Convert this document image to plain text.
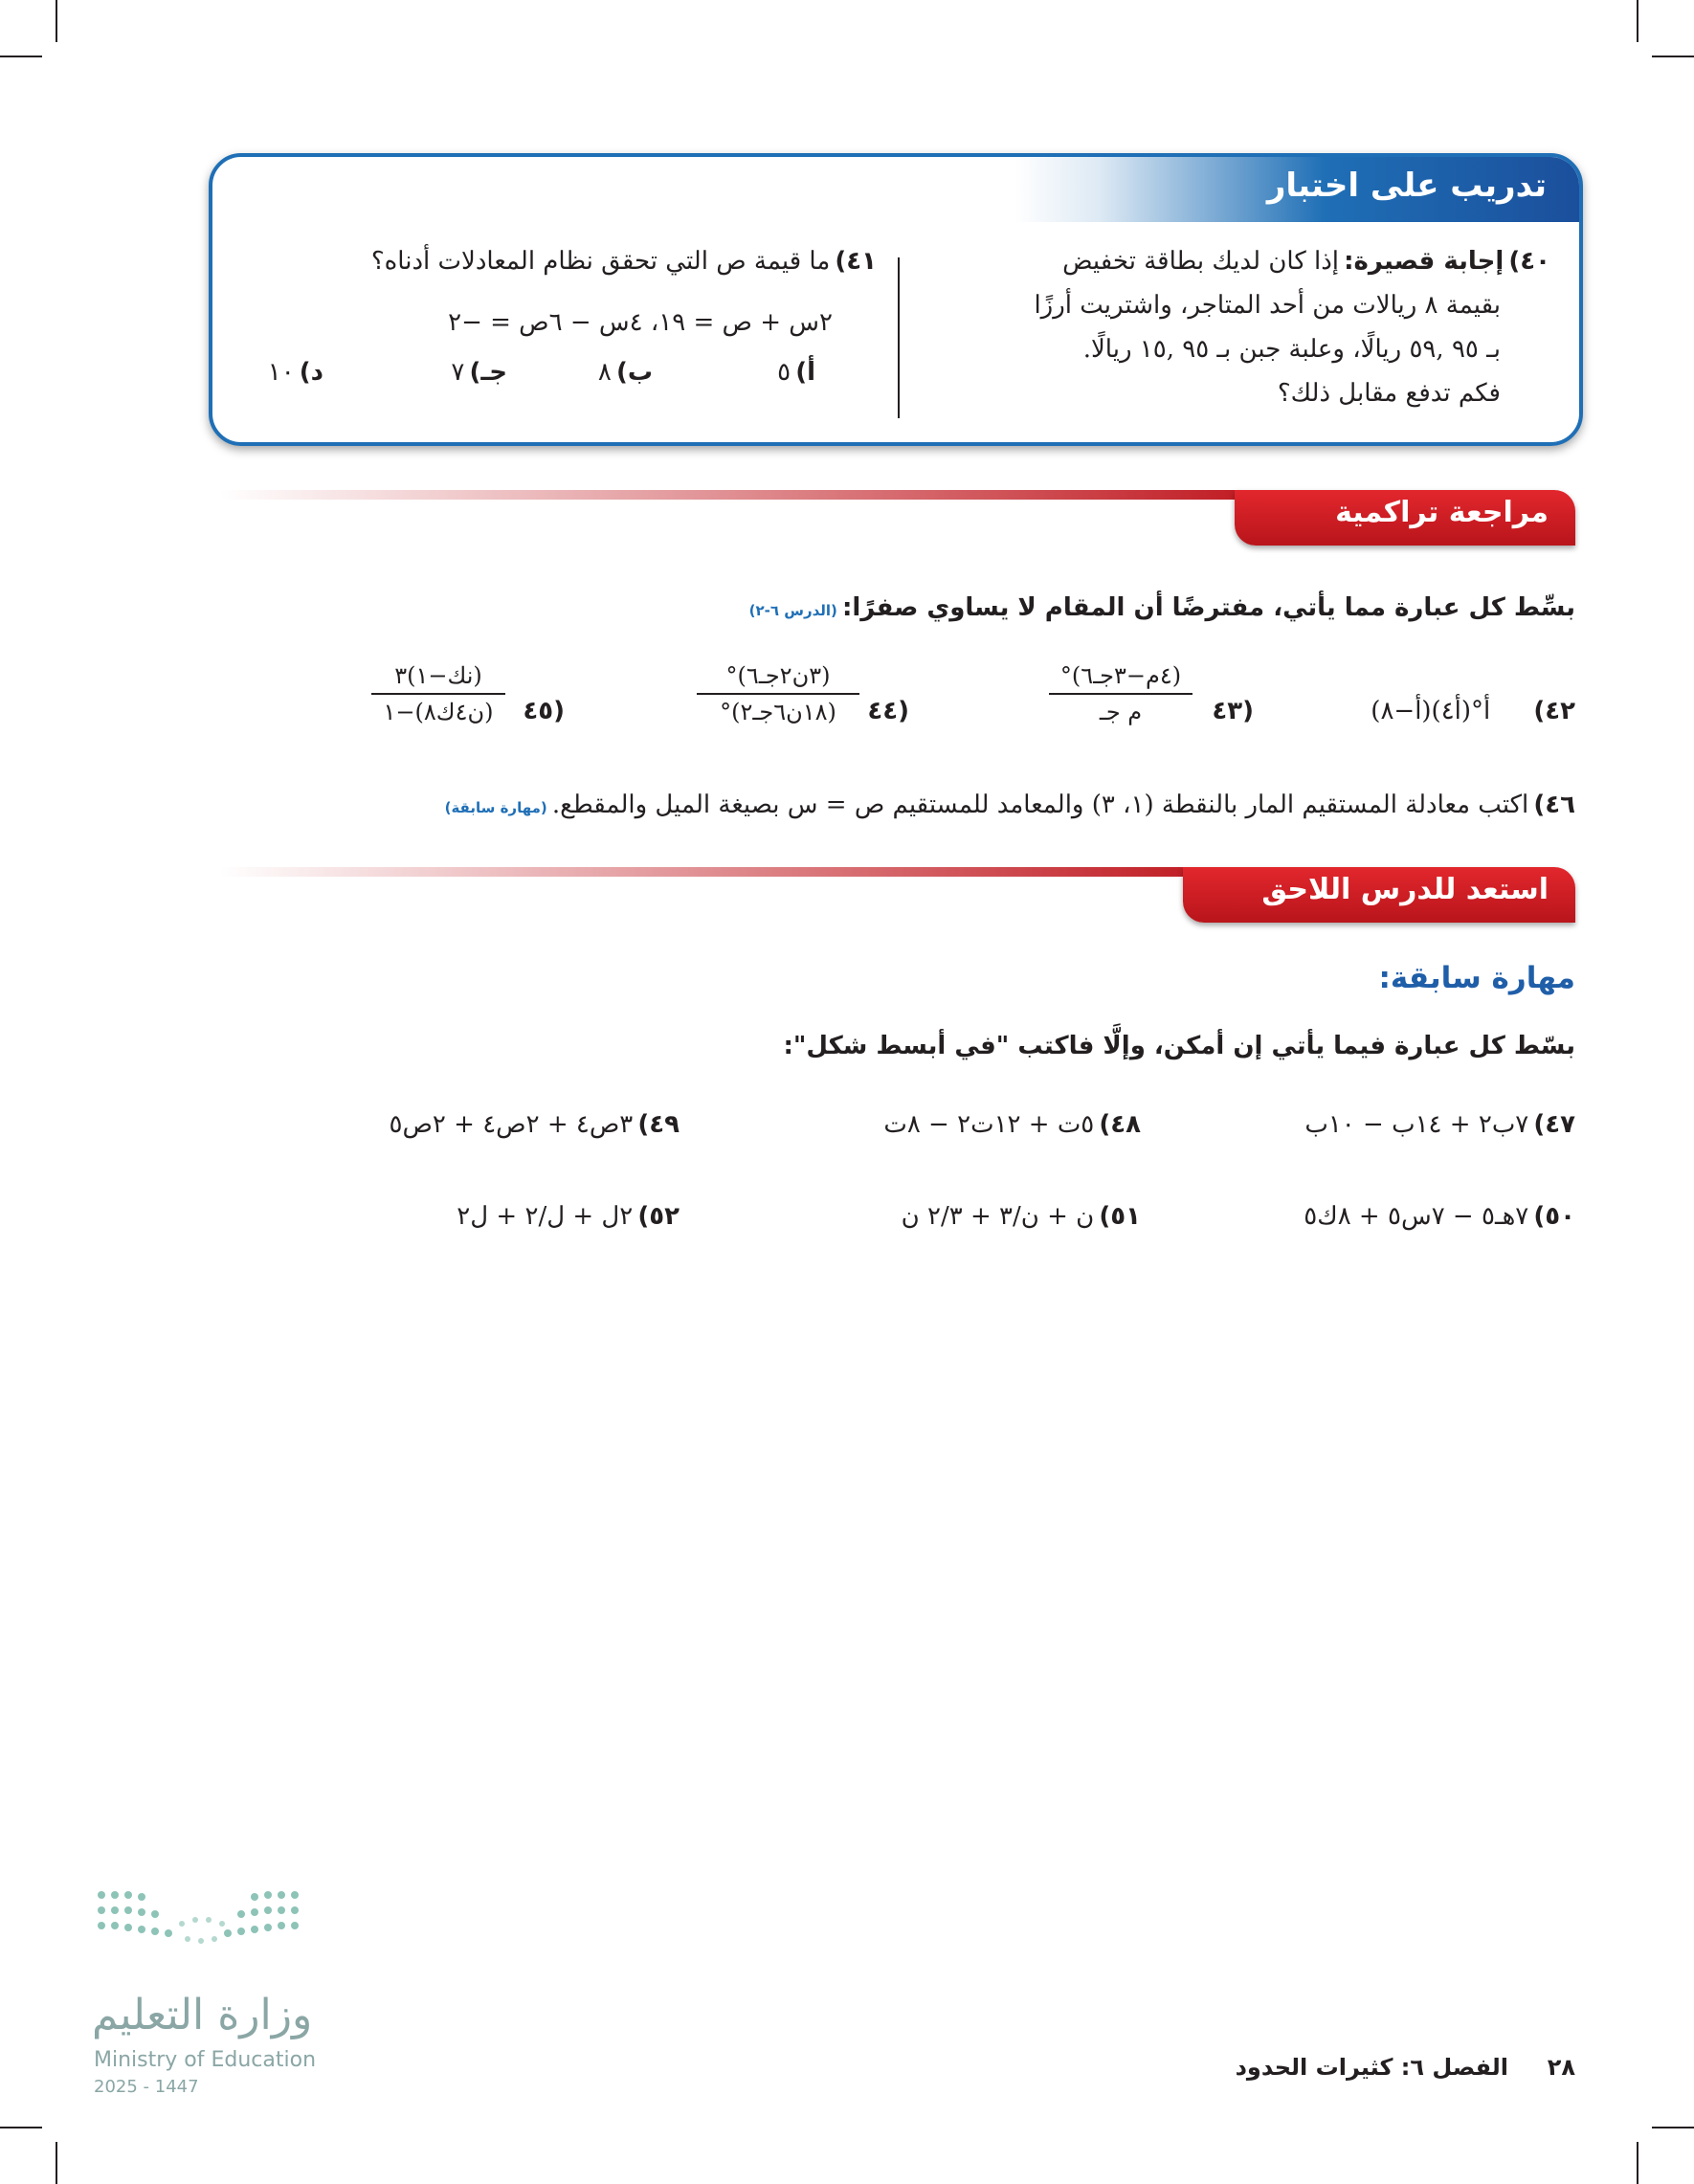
تدريب على اختبار
٤٠) إجابة قصيرة: إذا كان لديك بطاقة تخفيض
بقيمة ٨ ريالات من أحد المتاجر، واشتريت أرزًا
بـ ٩٥ ,٥٩ ريالًا، وعلبة جبن بـ ٩٥ ,١٥ ريالًا.
فكم تدفع مقابل ذلك؟
٤١) ما قيمة ص التي تحقق نظام المعادلات أدناه؟
٢س + ص = ١٩، ٤س − ٦ص = −٢
أ) ٥
ب) ٨
جـ) ٧
د) ١٠
مراجعة تراكمية
بسِّط كل عبارة مما يأتي، مفترضًا أن المقام لا يساوي صفرًا: (الدرس ٦-٢)
٤٢) أ°(أ٤)(أ−٨)
٤٣)
(٤م−٣جـ٦)°
م جـ
٤٤)
(٣ن٢جـ٦)°
(١٨ن٦جـ٢)°
٤٥)
(نك−١)٣
(ن٤ك٨)−١
٤٦) اكتب معادلة المستقيم المار بالنقطة (١، ٣) والمعامد للمستقيم ص = س بصيغة الميل والمقطع. (مهارة سابقة)
استعد للدرس اللاحق
مهارة سابقة:
بسّط كل عبارة فيما يأتي إن أمكن، وإلَّا فاكتب "في أبسط شكل":
٤٧) ٧ب٢ + ١٤ب − ١٠ب
٤٨) ٥ت + ١٢ت٢ − ٨ت
٤٩) ٣ص٤ + ٢ص٤ + ٢ص٥
٥٠) ٧هـ٥ − ٧س٥ + ٨ك٥
٥١) ن + ن/٣ + ٢/٣ ن
٥٢) ٢ل + ل/٢ + ل٢
وزارة التعليم
Ministry of Education
2025 - 1447
٢٨  الفصل ٦: كثيرات الحدود
